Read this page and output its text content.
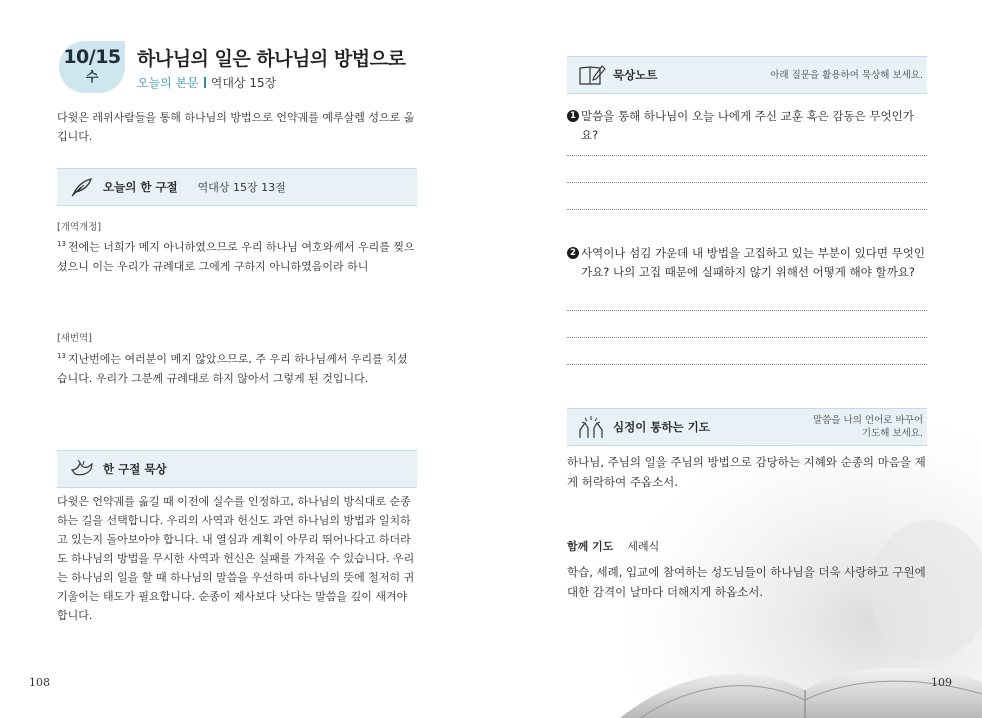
10/15
수
하나님의 일은 하나님의 방법으로
오늘의 본문 역대상 15장
다윗은 레위사람들을 통해 하나님의 방법으로 언약궤를 예루살렘 성으로 옮깁니다.
오늘의 한 구절 역대상 15장 13절
[개역개정]
$^{13}$ 전에는 너희가 메지 아니하였으므로 우리 하나님 여호와께서 우리를 찢으셨으니 이는 우리가 규례대로 그에게 구하지 아니하였음이라 하니
[새번역]
$^{13}$ 지난번에는 여러분이 메지 않았으므로, 주 우리 하나님께서 우리를 치셨습니다. 우리가 그분께 규례대로 하지 않아서 그렇게 된 것입니다.
한 구절 묵상
다윗은 언약궤를 옮길 때 이전에 실수를 인정하고, 하나님의 방식대로 순종하는 길을 선택합니다. 우리의 사역과 헌신도 과연 하나님의 방법과 일치하고 있는지 돌아보아야 합니다. 내 열심과 계획이 아무리 뛰어나다고 하더라도 하나님의 방법을 무시한 사역과 헌신은 실패를 가져올 수 있습니다. 우리는 하나님의 일을 할 때 하나님의 말씀을 우선하며 하나님의 뜻에 철저히 귀 기울이는 태도가 필요합니다. 순종이 제사보다 낫다는 말씀을 깊이 새겨야 합니다.
108
묵상노트	아래 질문을 활용하여 묵상해 보세요.
1 말씀을 통해 하나님이 오늘 나에게 주신 교훈 혹은 감동은 무엇인가요?
2 사역이나 섬김 가운데 내 방법을 고집하고 있는 부분이 있다면 무엇인가요? 나의 고집 때문에 실패하지 않기 위해선 어떻게 해야 할까요?
심정이 통하는 기도	말씀을 나의 언어로 바꾸어
기도해 보세요.
하나님, 주님의 일을 주님의 방법으로 감당하는 지혜와 순종의 마음을 제게 허락하여 주옵소서.
함께 기도 세례식
학습, 세례, 입교에 참여하는 성도님들이 하나님을 더욱 사랑하고 구원에 대한 감격이 날마다 더해지게 하옵소서.
109
